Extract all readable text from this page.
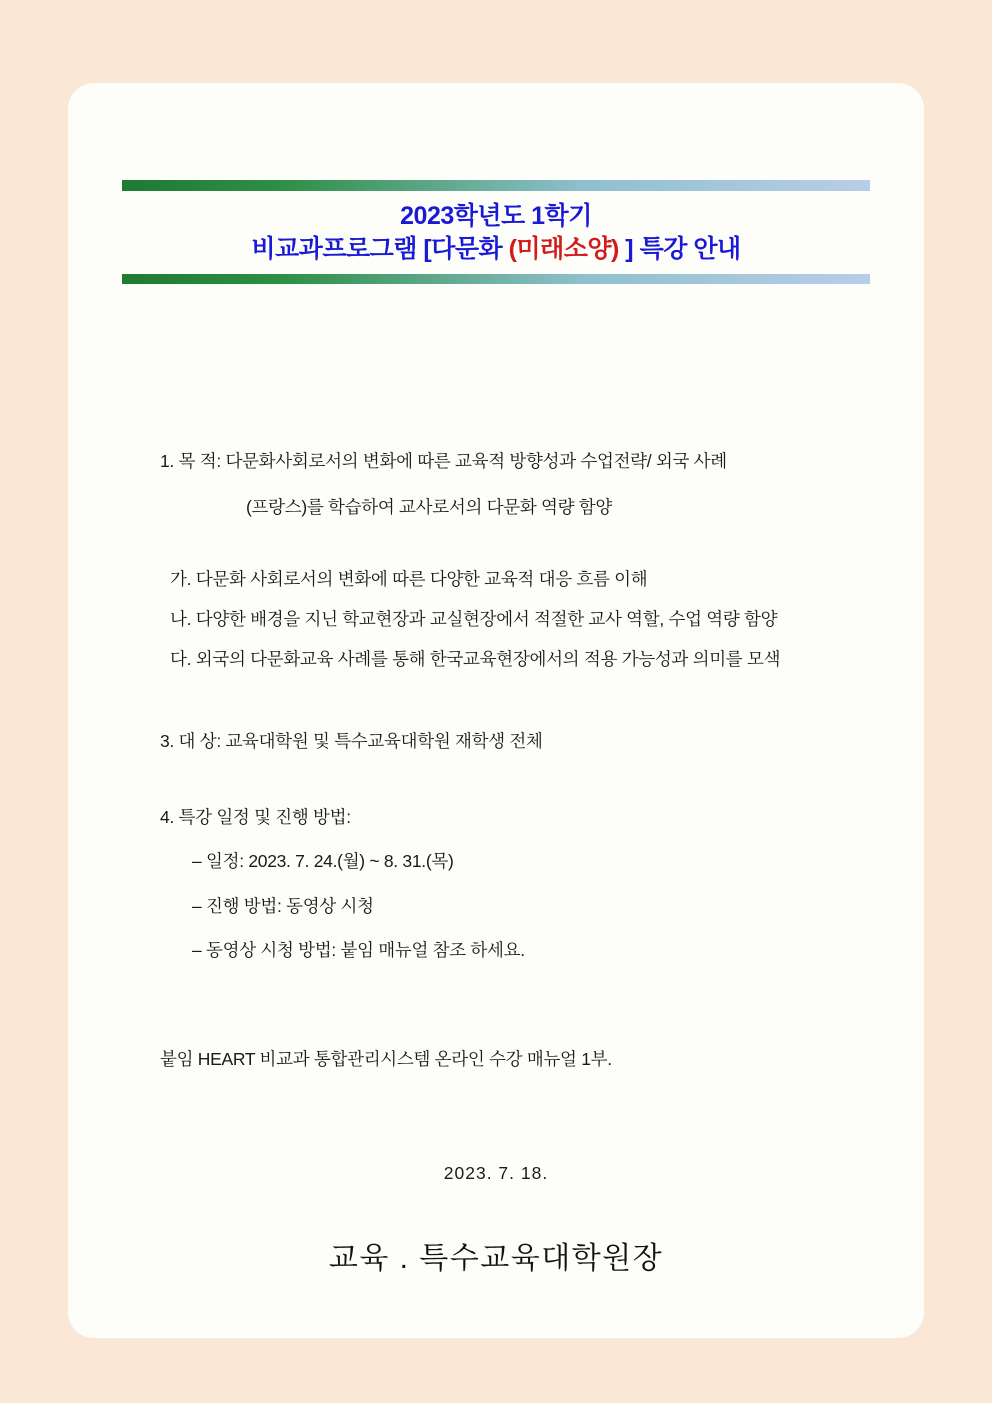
2023학년도 1학기
비교과프로그램 [다문화 (미래소양) ] 특강 안내
1. 목 적: 다문화사회로서의 변화에 따른 교육적 방향성과 수업전략/ 외국 사례
(프랑스)를 학습하여 교사로서의 다문화 역량 함양
가. 다문화 사회로서의 변화에 따른 다양한 교육적 대응 흐름 이해
나. 다양한 배경을 지닌 학교현장과 교실현장에서 적절한 교사 역할, 수업 역량 함양
다. 외국의 다문화교육 사례를 통해 한국교육현장에서의 적용 가능성과 의미를 모색
3. 대 상: 교육대학원 및 특수교육대학원 재학생 전체
4. 특강 일정 및 진행 방법:
– 일정: 2023. 7. 24.(월) ~ 8. 31.(목)
– 진행 방법: 동영상 시청
– 동영상 시청 방법: 붙임 매뉴얼 참조 하세요.
붙임 HEART 비교과 통합관리시스템 온라인 수강 매뉴얼 1부.
2023. 7. 18.
교육 . 특수교육대학원장
